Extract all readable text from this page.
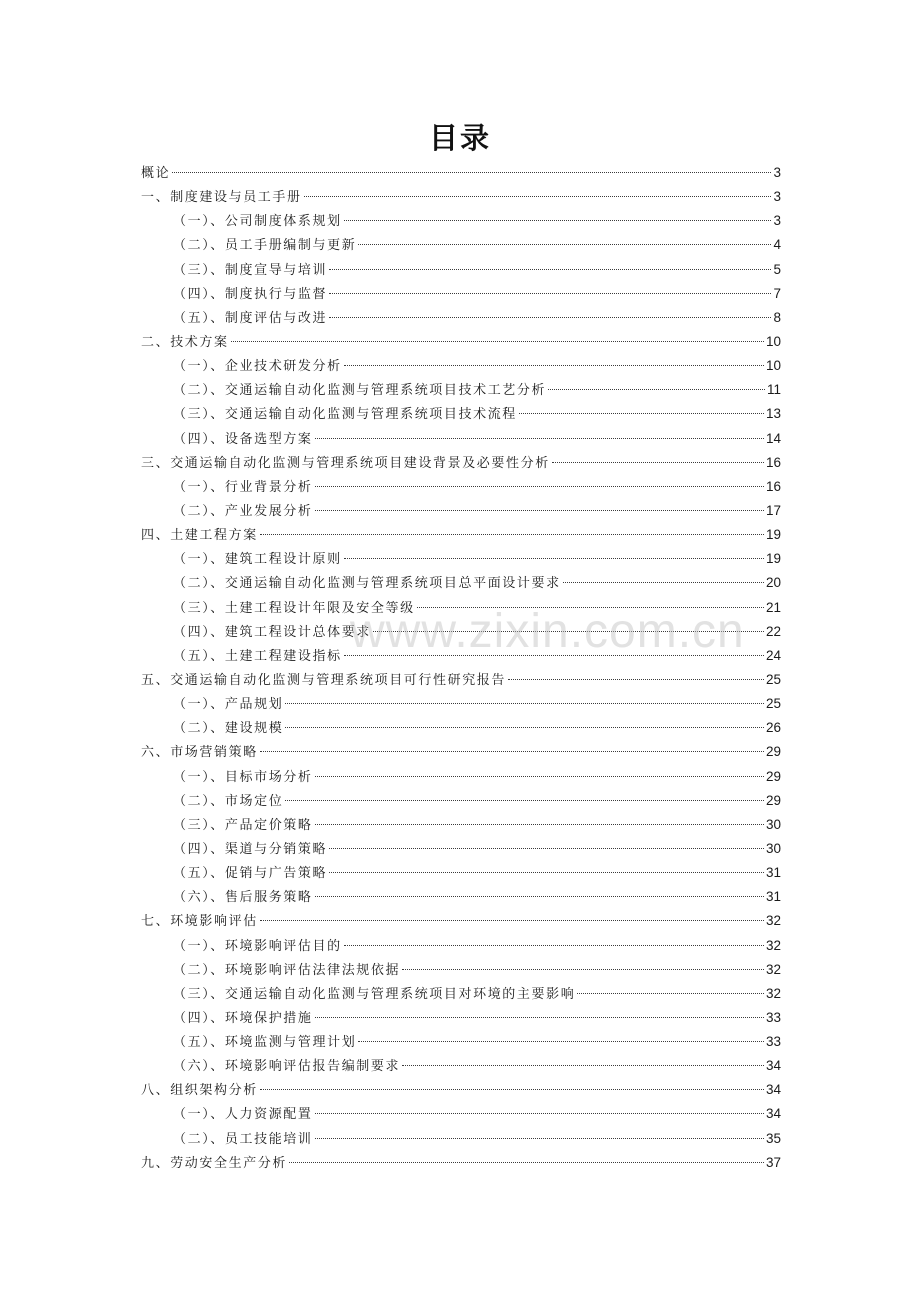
目录
概论	3
一、制度建设与员工手册	3
（一）、公司制度体系规划	3
（二）、员工手册编制与更新	4
（三）、制度宣导与培训	5
（四）、制度执行与监督	7
（五）、制度评估与改进	8
二、技术方案	10
（一）、企业技术研发分析	10
（二）、交通运输自动化监测与管理系统项目技术工艺分析	11
（三）、交通运输自动化监测与管理系统项目技术流程	13
（四）、设备选型方案	14
三、交通运输自动化监测与管理系统项目建设背景及必要性分析	16
（一）、行业背景分析	16
（二）、产业发展分析	17
四、土建工程方案	19
（一）、建筑工程设计原则	19
（二）、交通运输自动化监测与管理系统项目总平面设计要求	20
（三）、土建工程设计年限及安全等级	21
（四）、建筑工程设计总体要求	22
（五）、土建工程建设指标	24
五、交通运输自动化监测与管理系统项目可行性研究报告	25
（一）、产品规划	25
（二）、建设规模	26
六、市场营销策略	29
（一）、目标市场分析	29
（二）、市场定位	29
（三）、产品定价策略	30
（四）、渠道与分销策略	30
（五）、促销与广告策略	31
（六）、售后服务策略	31
七、环境影响评估	32
（一）、环境影响评估目的	32
（二）、环境影响评估法律法规依据	32
（三）、交通运输自动化监测与管理系统项目对环境的主要影响	32
（四）、环境保护措施	33
（五）、环境监测与管理计划	33
（六）、环境影响评估报告编制要求	34
八、组织架构分析	34
（一）、人力资源配置	34
（二）、员工技能培训	35
九、劳动安全生产分析	37
www.zixin.com.cn
